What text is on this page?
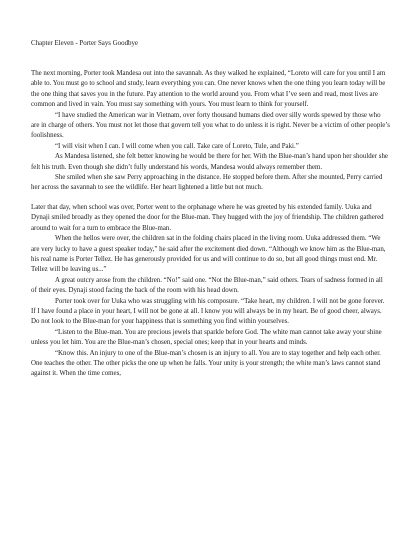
Chapter Eleven - Porter Says Goodbye

The next morning, Porter took Mandesa out into the savannah. As they walked he explained, “Loreto will care for you until I am able to. You must go to school and study, learn everything you can. One never knows when the one thing you learn today will be the one thing that saves you in the future. Pay attention to the world around you. From what I’ve seen and read, most lives are common and lived in vain. You must say something with yours. You must learn to think for yourself.

“I have studied the American war in Vietnam, over forty thousand humans died over silly words spewed by those who are in charge of others. You must not let those that govern tell you what to do unless it is right. Never be a victim of other people’s foolishness.

“I will visit when I can. I will come when you call. Take care of Loreto, Tule, and Paki.”

As Mandesa listened, she felt better knowing he would be there for her. With the Blue-man’s hand upon her shoulder she felt his truth. Even though she didn’t fully understand his words, Mandesa would always remember them.

She smiled when she saw Perry approaching in the distance. He stopped before them. After she mounted, Perry carried her across the savannah to see the wildlife. Her heart lightened a little but not much.

Later that day, when school was over, Porter went to the orphanage where he was greeted by his extended family. Uuka and Dynaji smiled broadly as they opened the door for the Blue-man. They hugged with the joy of friendship. The children gathered around to wait for a turn to embrace the Blue-man.

When the hellos were over, the children sat in the folding chairs placed in the living room. Uuka addressed them. “We are very lucky to have a guest speaker today,” he said after the excitement died down. “Although we know him as the Blue-man, his real name is Porter Tellez. He has generously provided for us and will continue to do so, but all good things must end. Mr. Tellez will be leaving us...”

A great outcry arose from the children. “No!” said one. “Not the Blue-man,” said others. Tears of sadness formed in all of their eyes. Dynaji stood facing the back of the room with his head down.

Porter took over for Uuka who was struggling with his composure. “Take heart, my children. I will not be gone forever. If I have found a place in your heart, I will not be gone at all. I know you will always be in my heart. Be of good cheer, always. Do not look to the Blue-man for your happiness that is something you find within yourselves.

“Listen to the Blue-man. You are precious jewels that sparkle before God. The white man cannot take away your shine unless you let him. You are the Blue-man’s chosen, special ones; keep that in your hearts and minds.

“Know this. An injury to one of the Blue-man’s chosen is an injury to all. You are to stay together and help each other. One teaches the other. The other picks the one up when he falls. Your unity is your strength; the white man’s laws cannot stand against it. When the time comes,
